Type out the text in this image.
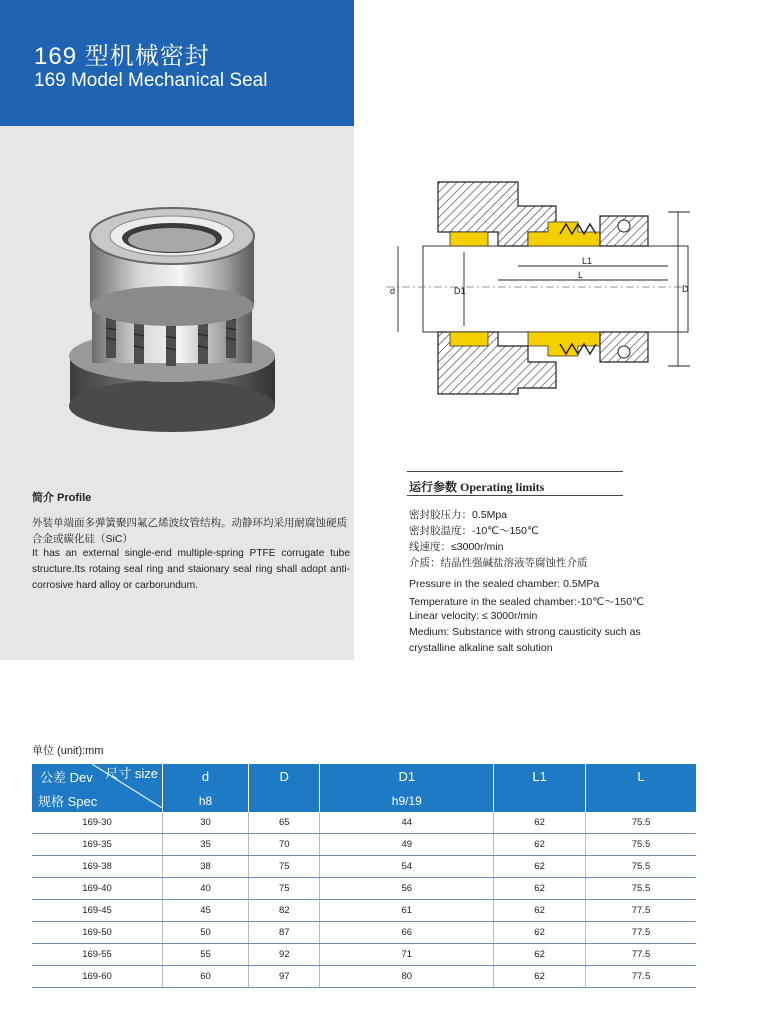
169 型机械密封
169 Model Mechanical Seal
简介 Profile
外装单端面多弹簧聚四氟乙烯波纹管结构。动静环均采用耐腐蚀硬质合金或碳化硅（SiC）
It has an external single-end multiple-spring PTFE corrugate tube structure.Its rotaing seal ring and staionary seal ring shall adopt anti-corrosive hard alloy or carborundum.
d	D1
L1
L
D
运行参数 Operating limits
密封胶压力：0.5Mpa
密封胶温度：-10℃～150℃
线速度：≤3000r/min
介质：结晶性强碱盐溶液等腐蚀性介质
Pressure in the sealed chamber: 0.5MPa
Temperature in the sealed chamber:-10℃～150℃
Linear velocity: ≤ 3000r/min
Medium: Substance with strong causticity such as
crystalline alkaline salt solution
单位 (unit):mm
公差 Dev 尺寸 size
规格 Spec	d	D	D1	L1	L
	h8		h9/19		
169-30	30	65	44	62	75.5
169-35	35	70	49	62	75.5
169-38	38	75	54	62	75.5
169-40	40	75	56	62	75.5
169-45	45	82	61	62	77.5
169-50	50	87	66	62	77.5
169-55	55	92	71	62	77.5
169-60	60	97	80	62	77.5
